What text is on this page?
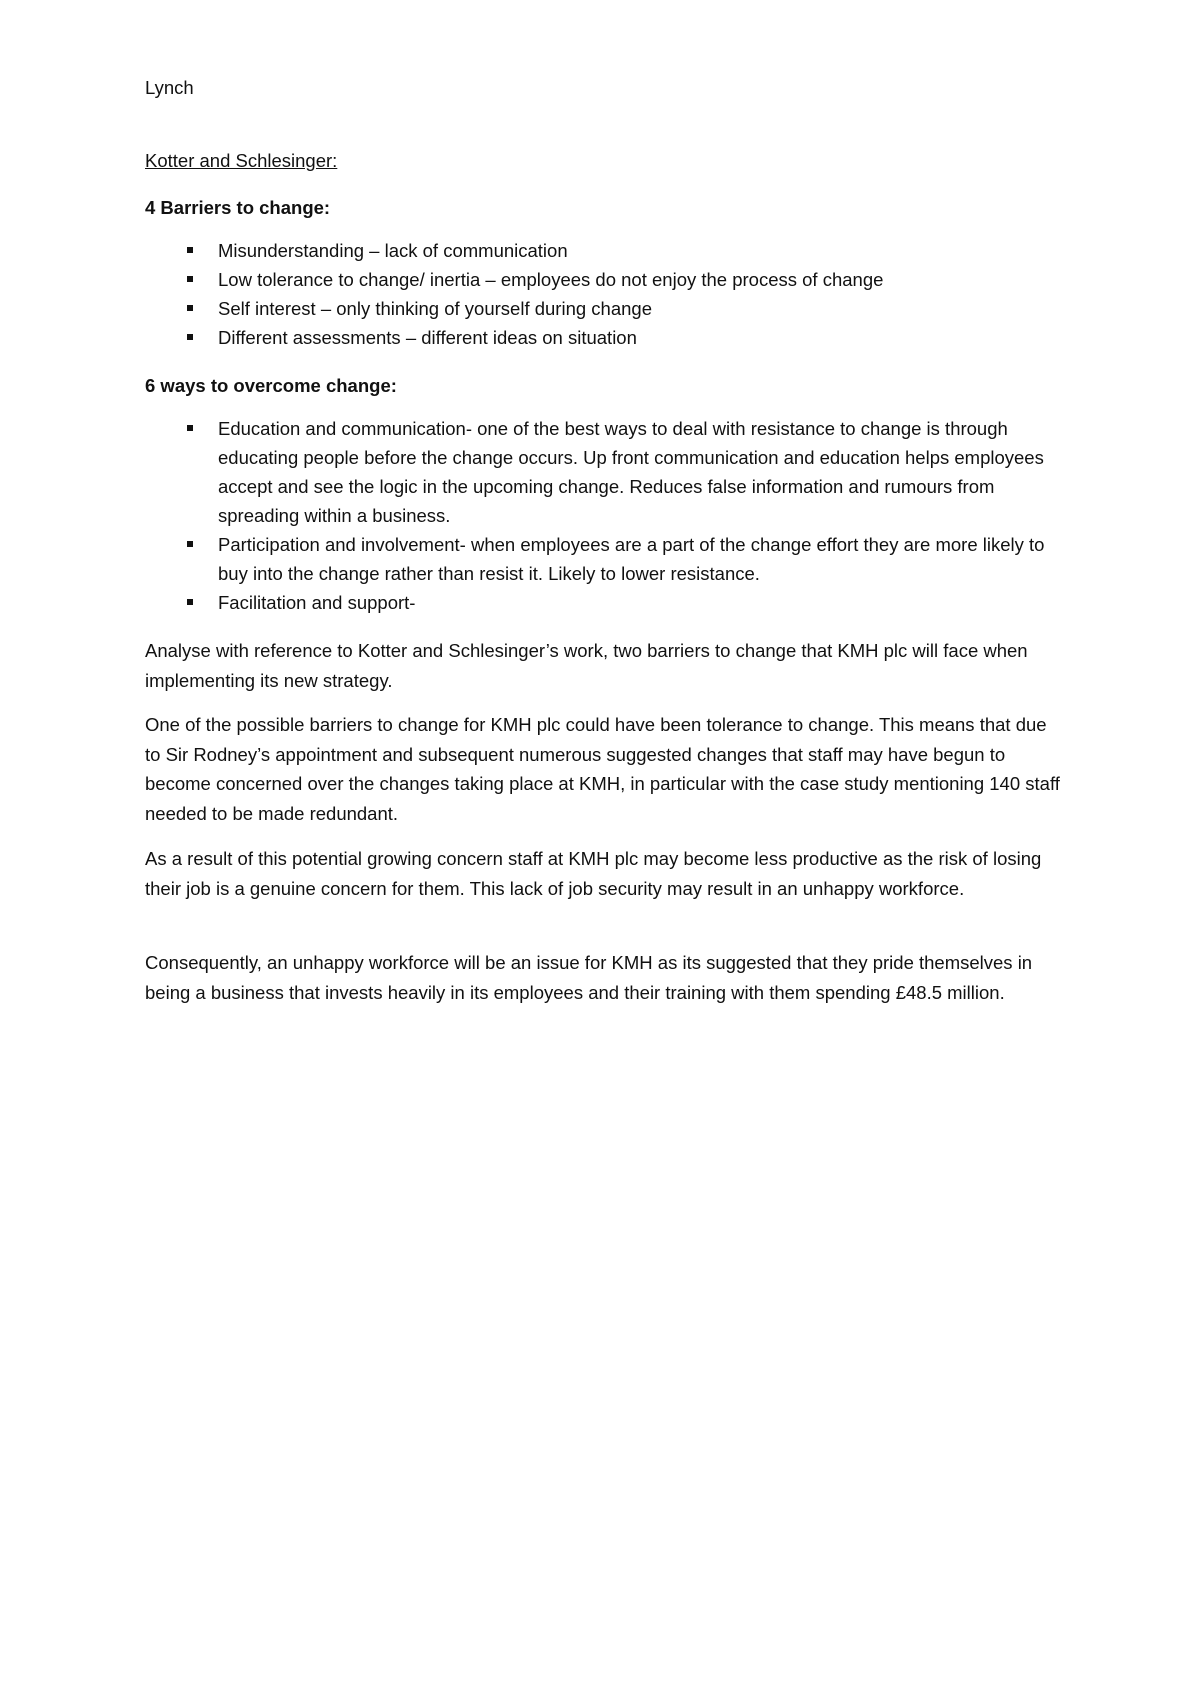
Lynch

Kotter and Schlesinger:

4 Barriers to change:

Misunderstanding – lack of communication
Low tolerance to change/ inertia – employees do not enjoy the process of change
Self interest – only thinking of yourself during change
Different assessments – different ideas on situation

6 ways to overcome change:

Education and communication- one of the best ways to deal with resistance to change is through educating people before the change occurs. Up front communication and education helps employees accept and see the logic in the upcoming change. Reduces false information and rumours from spreading within a business.
Participation and involvement- when employees are a part of the change effort they are more likely to buy into the change rather than resist it. Likely to lower resistance.
Facilitation and support-

Analyse with reference to Kotter and Schlesinger’s work, two barriers to change that KMH plc will face when implementing its new strategy.

One of the possible barriers to change for KMH plc could have been tolerance to change. This means that due to Sir Rodney’s appointment and subsequent numerous suggested changes that staff may have begun to become concerned over the changes taking place at KMH, in particular with the case study mentioning 140 staff needed to be made redundant.

As a result of this potential growing concern staff at KMH plc may become less productive as the risk of losing their job is a genuine concern for them. This lack of job security may result in an unhappy workforce.

Consequently, an unhappy workforce will be an issue for KMH as its suggested that they pride themselves in being a business that invests heavily in its employees and their training with them spending £48.5 million.
